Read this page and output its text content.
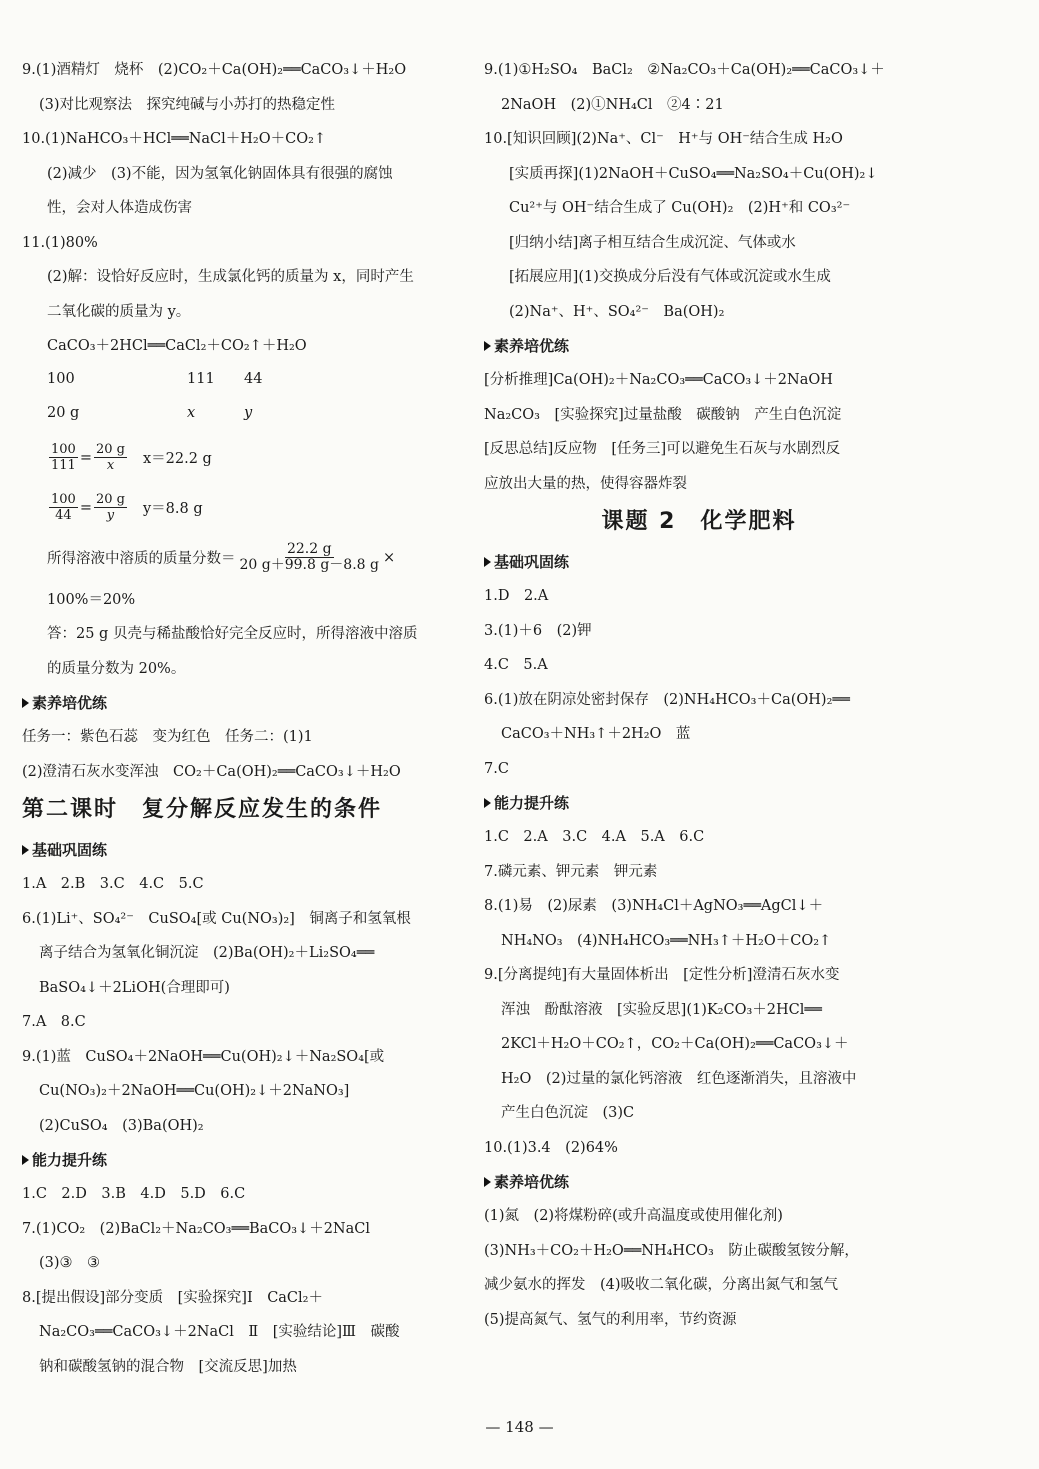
9.(1)酒精灯　烧杯　(2)CO₂＋Ca(OH)₂══CaCO₃↓＋H₂O
(3)对比观察法　探究纯碱与小苏打的热稳定性
10.(1)NaHCO₃＋HCl══NaCl＋H₂O＋CO₂↑
(2)减少　(3)不能，因为氢氧化钠固体具有很强的腐蚀
性，会对人体造成伤害
11.(1)80%
(2)解：设恰好反应时，生成氯化钙的质量为 x，同时产生
二氧化碳的质量为 y。
CaCO₃＋2HCl══CaCl₂＋CO₂↑＋H₂O
100	111 44
20 g	x	y
$\frac{100}{111} = \frac{20 g}{x} x=22.2$ g
$\frac{100}{44} = \frac{20 g}{y} y=8.8$ g
所得溶液中溶质的质量分数＝ $\frac{22.2 g}{20 g+99.8 g-8.8 g}$ ×
100%＝20%
答：25 g 贝壳与稀盐酸恰好完全反应时，所得溶液中溶质
的质量分数为 20%。
素养培优练
任务一：紫色石蕊　变为红色　任务二：(1)1
(2)澄清石灰水变浑浊　CO₂＋Ca(OH)₂══CaCO₃↓＋H₂O
第二课时　复分解反应发生的条件
基础巩固练
1.A　2.B　3.C　4.C　5.C
6.(1)Li⁺、SO₄²⁻　CuSO₄[或 Cu(NO₃)₂]　铜离子和氢氧根
离子结合为氢氧化铜沉淀　(2)Ba(OH)₂＋Li₂SO₄══
BaSO₄↓＋2LiOH(合理即可)
7.A　8.C
9.(1)蓝　CuSO₄＋2NaOH══Cu(OH)₂↓＋Na₂SO₄[或
Cu(NO₃)₂＋2NaOH══Cu(OH)₂↓＋2NaNO₃]
(2)CuSO₄　(3)Ba(OH)₂
能力提升练
1.C　2.D　3.B　4.D　5.D　6.C
7.(1)CO₂　(2)BaCl₂＋Na₂CO₃══BaCO₃↓＋2NaCl
(3)③　③
8.[提出假设]部分变质　[实验探究]Ⅰ　CaCl₂＋
Na₂CO₃══CaCO₃↓＋2NaCl　Ⅱ　[实验结论]Ⅲ　碳酸
钠和碳酸氢钠的混合物　[交流反思]加热
9.(1)①H₂SO₄　BaCl₂　②Na₂CO₃＋Ca(OH)₂══CaCO₃↓＋
2NaOH　(2)①NH₄Cl　②4∶21
10.[知识回顾](2)Na⁺、Cl⁻　H⁺与 OH⁻结合生成 H₂O
[实质再探](1)2NaOH＋CuSO₄══Na₂SO₄＋Cu(OH)₂↓
Cu²⁺与 OH⁻结合生成了 Cu(OH)₂　(2)H⁺和 CO₃²⁻
[归纳小结]离子相互结合生成沉淀、气体或水
[拓展应用](1)交换成分后没有气体或沉淀或水生成
(2)Na⁺、H⁺、SO₄²⁻　Ba(OH)₂
素养培优练
[分析推理]Ca(OH)₂＋Na₂CO₃══CaCO₃↓＋2NaOH
Na₂CO₃　[实验探究]过量盐酸　碳酸钠　产生白色沉淀
[反思总结]反应物　[任务三]可以避免生石灰与水剧烈反
应放出大量的热，使得容器炸裂
课题 2　化学肥料
基础巩固练
1.D　2.A
3.(1)＋6　(2)钾
4.C　5.A
6.(1)放在阴凉处密封保存　(2)NH₄HCO₃＋Ca(OH)₂══
CaCO₃＋NH₃↑＋2H₂O　蓝
7.C
能力提升练
1.C　2.A　3.C　4.A　5.A　6.C
7.磷元素、钾元素　钾元素
8.(1)易　(2)尿素　(3)NH₄Cl＋AgNO₃══AgCl↓＋
NH₄NO₃　(4)NH₄HCO₃══NH₃↑＋H₂O＋CO₂↑
9.[分离提纯]有大量固体析出　[定性分析]澄清石灰水变
浑浊　酚酞溶液　[实验反思](1)K₂CO₃＋2HCl══
2KCl＋H₂O＋CO₂↑，CO₂＋Ca(OH)₂══CaCO₃↓＋
H₂O　(2)过量的氯化钙溶液　红色逐渐消失，且溶液中
产生白色沉淀　(3)C
10.(1)3.4　(2)64%
素养培优练
(1)氮　(2)将煤粉碎(或升高温度或使用催化剂)
(3)NH₃＋CO₂＋H₂O══NH₄HCO₃　防止碳酸氢铵分解，
减少氨水的挥发　(4)吸收二氧化碳，分离出氮气和氢气
(5)提高氮气、氢气的利用率，节约资源
— 148 —
